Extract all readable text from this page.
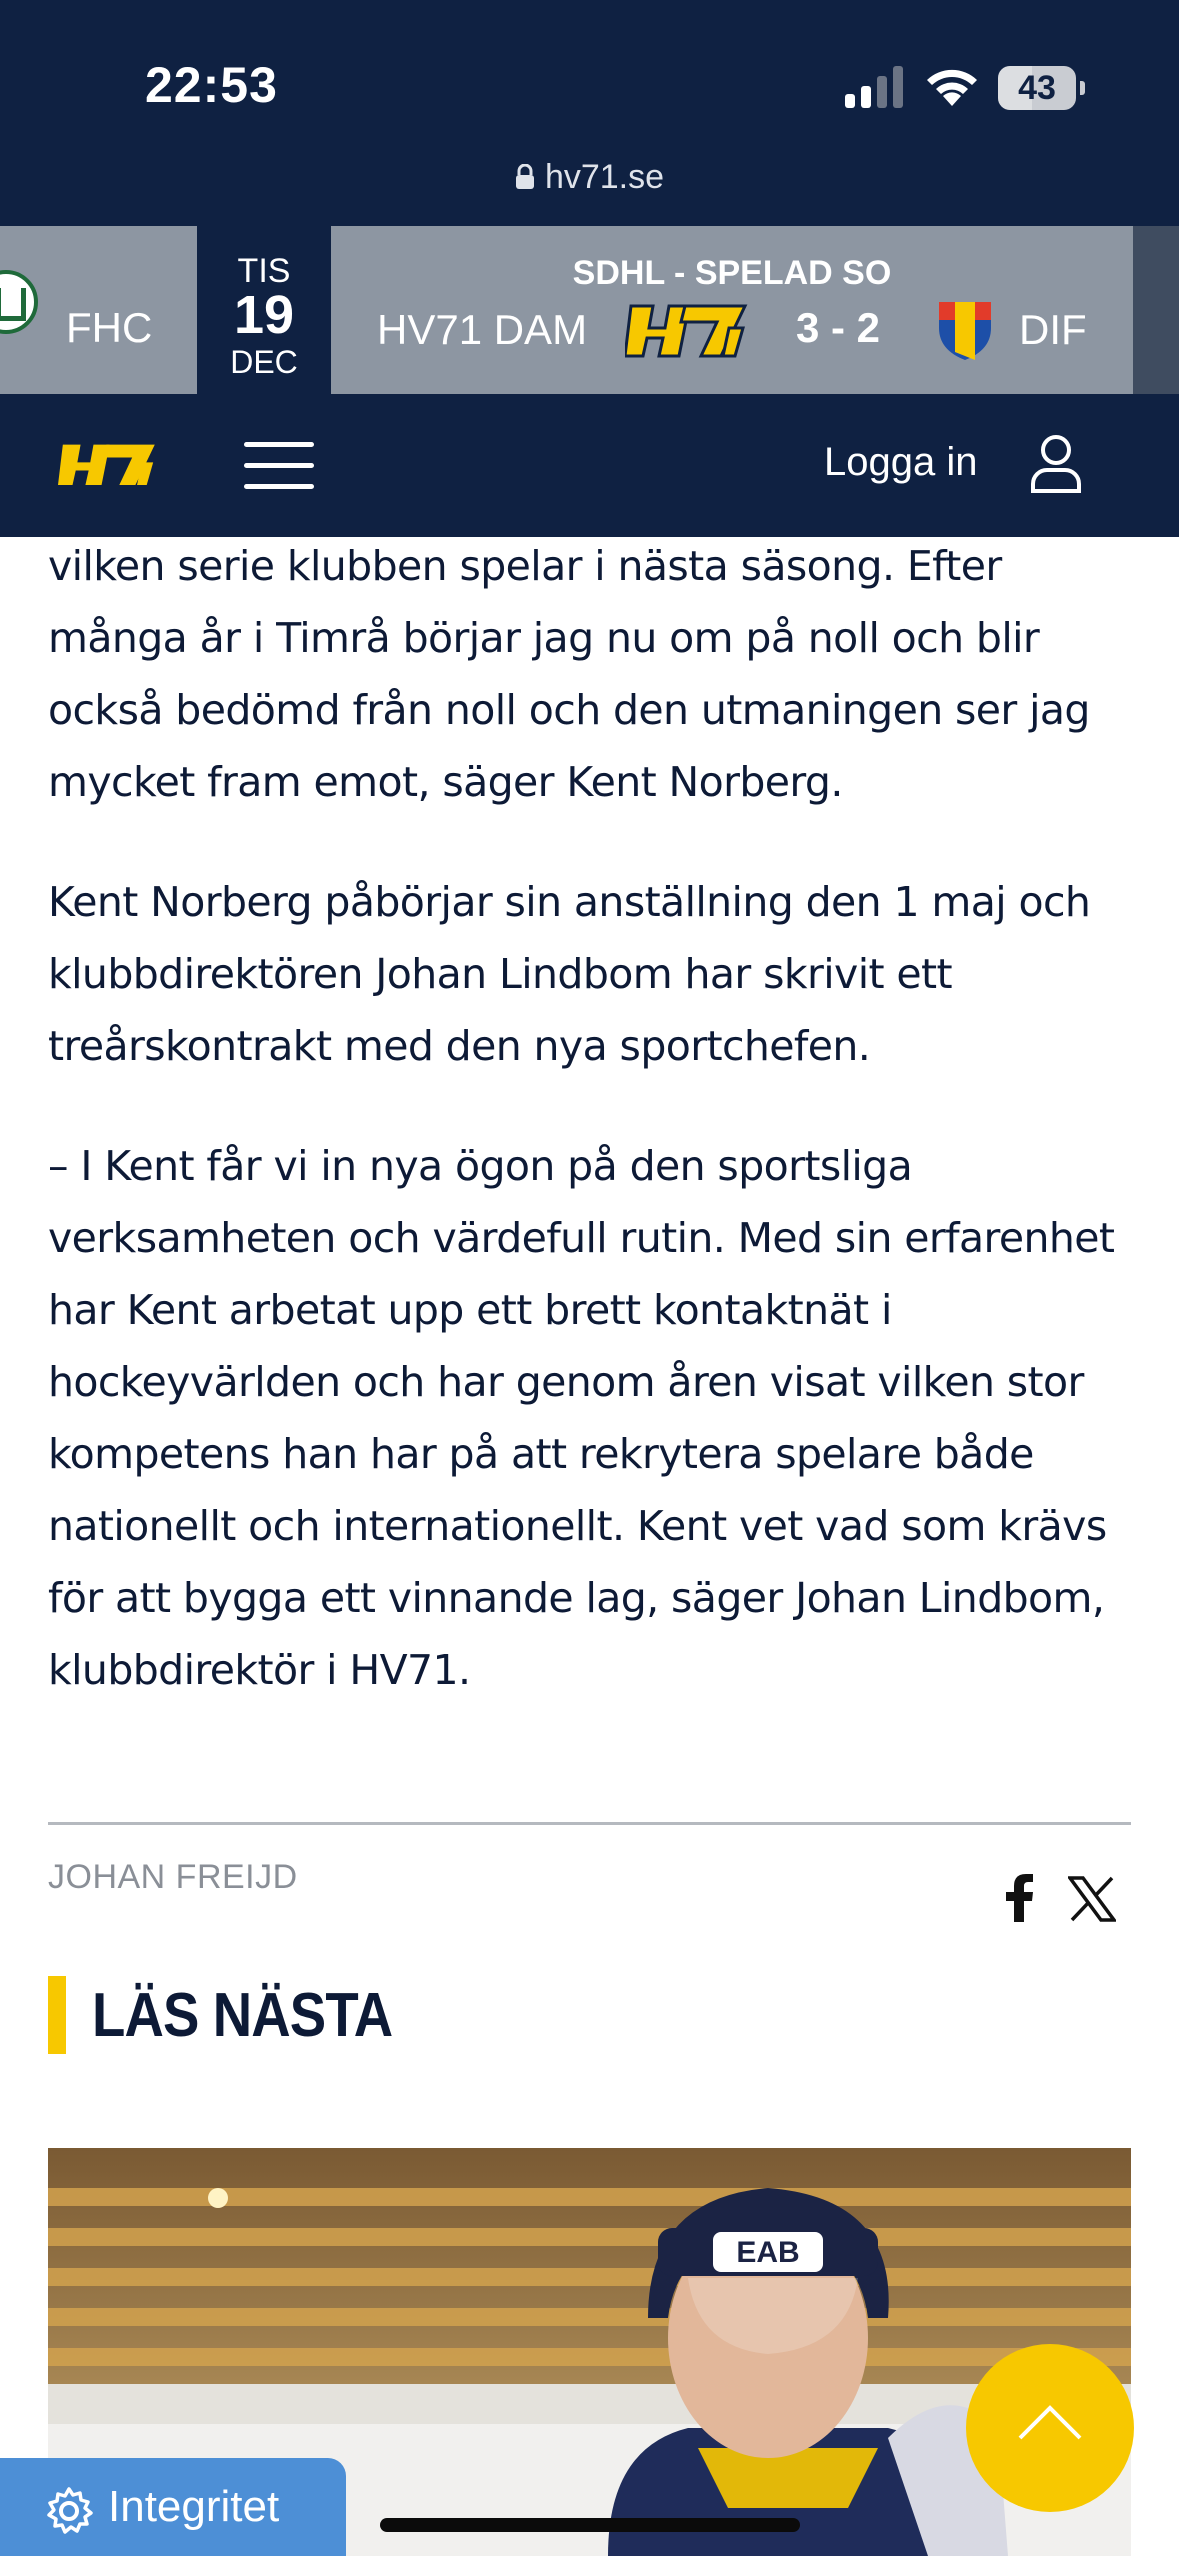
22:53	43
hv71.se
FHC
TIS
19
DEC
SDHL - SPELAD SO
HV71 DAM	3 - 2	DIF
Logga in

vilken serie klubben spelar i nästa säsong. Efter många år i Timrå börjar jag nu om på noll och blir också bedömd från noll och den utmaningen ser jag mycket fram emot, säger Kent Norberg.

Kent Norberg påbörjar sin anställning den 1 maj och klubbdirektören Johan Lindbom har skrivit ett treårskontrakt med den nya sportchefen.

– I Kent får vi in nya ögon på den sportsliga verksamheten och värdefull rutin. Med sin erfarenhet har Kent arbetat upp ett brett kontaktnät i hockeyvärlden och har genom åren visat vilken stor kompetens han har på att rekrytera spelare både nationellt och internationellt. Kent vet vad som krävs för att bygga ett vinnande lag, säger Johan Lindbom, klubbdirektör i HV71.

JOHAN FREIJD
LÄS NÄSTA
EAB
Integritet
